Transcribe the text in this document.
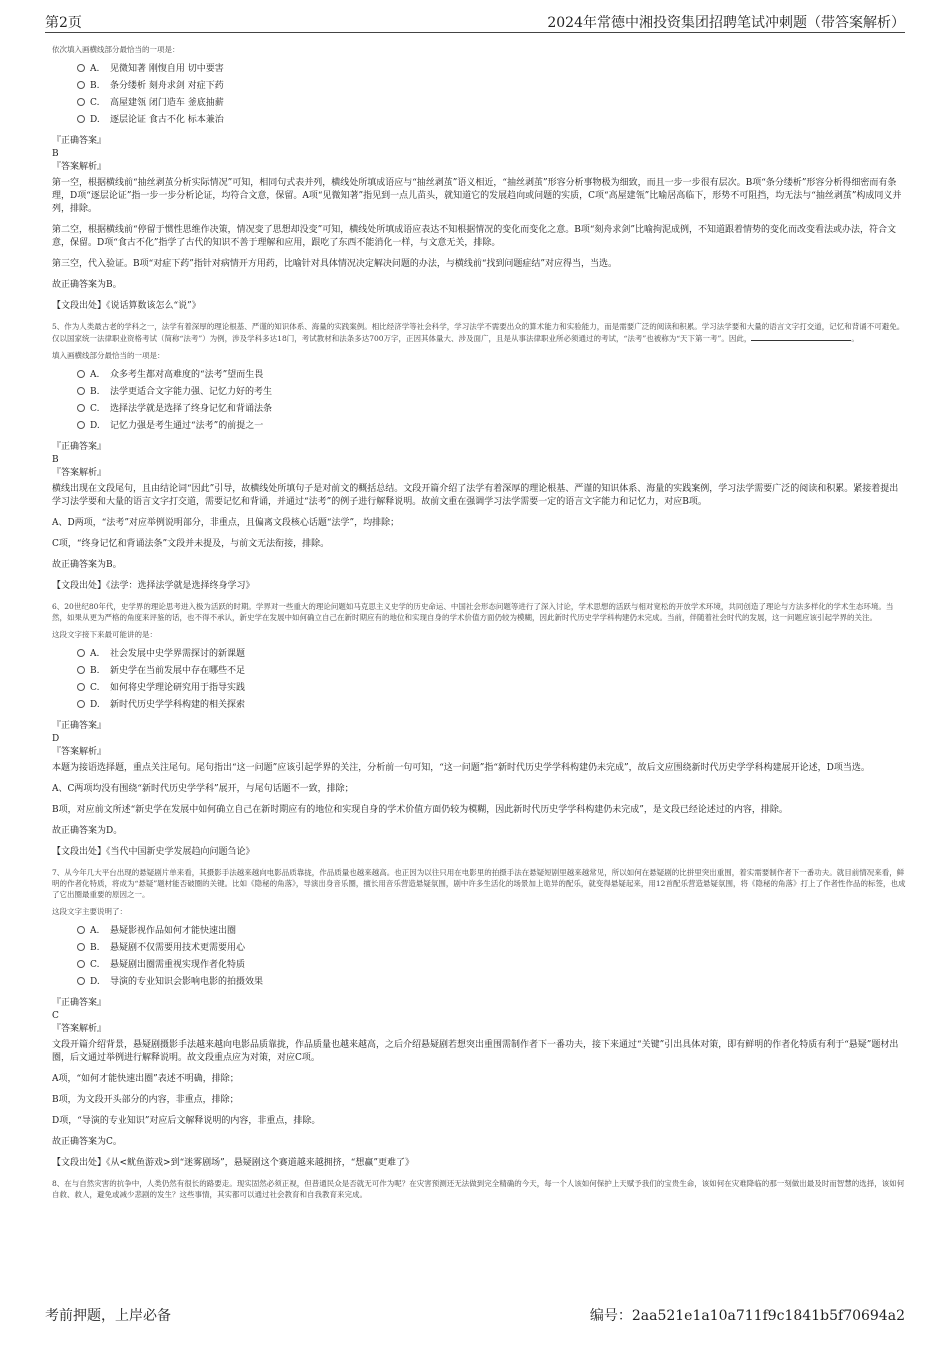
第2页	2024年常德中湘投资集团招聘笔试冲刺题（带答案解析）
依次填入画横线部分最恰当的一项是：
A. 见微知著 刚愎自用 切中要害
B. 条分缕析 刻舟求剑 对症下药
C. 高屋建瓴 闭门造车 釜底抽薪
D. 逐层论证 食古不化 标本兼治
『正确答案』
B
『答案解析』
第一空，根据横线前“抽丝剥茧分析实际情况”可知，相同句式表并列，横线处所填成语应与“抽丝剥茧”语义相近，“抽丝剥茧”形容分析事物极为细致，而且一步一步很有层次。B项“条分缕析”形容分析得细密而有条理，D项“逐层论证”指一步一步分析论证，均符合文意，保留。A项“见微知著”指见到一点儿苗头，就知道它的发展趋向或问题的实质，C项“高屋建瓴”比喻居高临下，形势不可阻挡，均无法与“抽丝剥茧”构成同义并列，排除。
第二空，根据横线前“停留于惯性思维作决策，情况变了思想却没变”可知，横线处所填成语应表达不知根据情况的变化而变化之意。B项“刻舟求剑”比喻拘泥成例，不知道跟着情势的变化而改变看法或办法，符合文意，保留。D项“食古不化”指学了古代的知识不善于理解和应用，跟吃了东西不能消化一样，与文意无关，排除。
第三空，代入验证。B项“对症下药”指针对病情开方用药，比喻针对具体情况决定解决问题的办法，与横线前“找到问题症结”对应得当，当选。
故正确答案为B。
【文段出处】《说话算数该怎么“说”》
5、作为人类最古老的学科之一，法学有着深厚的理论根基、严谨的知识体系、海量的实践案例。相比经济学等社会科学，学习法学不需要出众的算术能力和实验能力，而是需要广泛的阅读和积累。学习法学要和大量的语言文字打交道，记忆和背诵不可避免。仅以国家统一法律职业资格考试（简称“法考”）为例，涉及学科多达18门，考试教材和法条多达700万字，正因其体量大、涉及面广，且是从事法律职业所必须通过的考试，“法考”也被称为“天下第一考”。因此，	。
填入画横线部分最恰当的一项是：
A. 众多考生都对高难度的“法考”望而生畏
B. 法学更适合文字能力强、记忆力好的考生
C. 选择法学就是选择了终身记忆和背诵法条
D. 记忆力强是考生通过“法考”的前提之一
『正确答案』
B
『答案解析』
横线出现在文段尾句，且由结论词“因此”引导，故横线处所填句子是对前文的概括总结。文段开篇介绍了法学有着深厚的理论根基、严谨的知识体系、海量的实践案例，学习法学需要广泛的阅读和积累。紧接着提出学习法学要和大量的语言文字打交道，需要记忆和背诵，并通过“法考”的例子进行解释说明。故前文重在强调学习法学需要一定的语言文字能力和记忆力，对应B项。
A、D两项，“法考”对应举例说明部分，非重点，且偏离文段核心话题“法学”，均排除；
C项，“终身记忆和背诵法条”文段并未提及，与前文无法衔接，排除。
故正确答案为B。
【文段出处】《法学：选择法学就是选择终身学习》
6、20世纪80年代，史学界的理论思考进入极为活跃的时期。学界对一些重大的理论问题如马克思主义史学的历史命运、中国社会形态问题等进行了深入讨论，学术思想的活跃与相对宽松的开放学术环境，共同创造了理论与方法多样化的学术生态环境。当然，如果从更为严格的角度来评鉴的话，也不得不承认，新史学在发展中如何确立自己在新时期应有的地位和实现自身的学术价值方面仍较为模糊，因此新时代历史学学科构建仍未完成。当前，伴随着社会时代的发展，这一问题应该引起学界的关注。
这段文字接下来最可能讲的是：
A. 社会发展中史学界需探讨的新课题
B. 新史学在当前发展中存在哪些不足
C. 如何将史学理论研究用于指导实践
D. 新时代历史学学科构建的相关探索
『正确答案』
D
『答案解析』
本题为接语选择题，重点关注尾句。尾句指出“这一问题”应该引起学界的关注，分析前一句可知，“这一问题”指“新时代历史学学科构建仍未完成”，故后文应围绕新时代历史学学科构建展开论述，D项当选。
A、C两项均没有围绕“新时代历史学学科”展开，与尾句话题不一致，排除；
B项，对应前文所述“新史学在发展中如何确立自己在新时期应有的地位和实现自身的学术价值方面仍较为模糊，因此新时代历史学学科构建仍未完成”，是文段已经论述过的内容，排除。
故正确答案为D。
【文段出处】《当代中国新史学发展趋向问题刍论》
7、从今年几大平台出现的悬疑剧片单来看，其摄影手法越来越向电影品质靠拢，作品质量也越来越高。也正因为以往只用在电影里的拍摄手法在悬疑短剧里越来越常见，所以如何在悬疑剧的比拼里突出重围，着实需要制作者下一番功夫。就目前情况来看，鲜明的作者化特质，将成为“悬疑”题材能否破圈的关键。比如《隐秘的角落》，导演出身音乐圈，擅长用音乐营造悬疑氛围，剧中许多生活化的场景加上诡异的配乐，就变得悬疑起来，用12首配乐营造悬疑氛围，将《隐秘的角落》打上了作者性作品的标签，也成了它出圈最重要的原因之一。
这段文字主要说明了：
A. 悬疑影视作品如何才能快速出圈
B. 悬疑剧不仅需要用技术更需要用心
C. 悬疑剧出圈需重视实现作者化特质
D. 导演的专业知识会影响电影的拍摄效果
『正确答案』
C
『答案解析』
文段开篇介绍背景，悬疑剧摄影手法越来越向电影品质靠拢，作品质量也越来越高，之后介绍悬疑剧若想突出重围需制作者下一番功夫，接下来通过“关键”引出具体对策，即有鲜明的作者化特质有利于“悬疑”题材出圈，后文通过举例进行解释说明。故文段重点应为对策，对应C项。
A项，“如何才能快速出圈”表述不明确，排除；
B项，为文段开头部分的内容，非重点，排除；
D项，“导演的专业知识”对应后文解释说明的内容，非重点，排除。
故正确答案为C。
【文段出处】《从<鱿鱼游戏>到“迷雾剧场”，悬疑剧这个赛道越来越拥挤，“想赢”更难了》
8、在与自然灾害的抗争中，人类仍然有很长的路要走。现实固然必须正视，但普通民众是否就无可作为呢？在灾害预测还无法做到完全精确的今天，每一个人该如何保护上天赋予我们的宝贵生命，该如何在灾难降临的那一刻做出最及时而智慧的选择，该如何自救、救人，避免或减少悲剧的发生？这些事情，其实都可以通过社会教育和自我教育来完成。
考前押题，上岸必备	编号：2aa521e1a10a711f9c1841b5f70694a2
